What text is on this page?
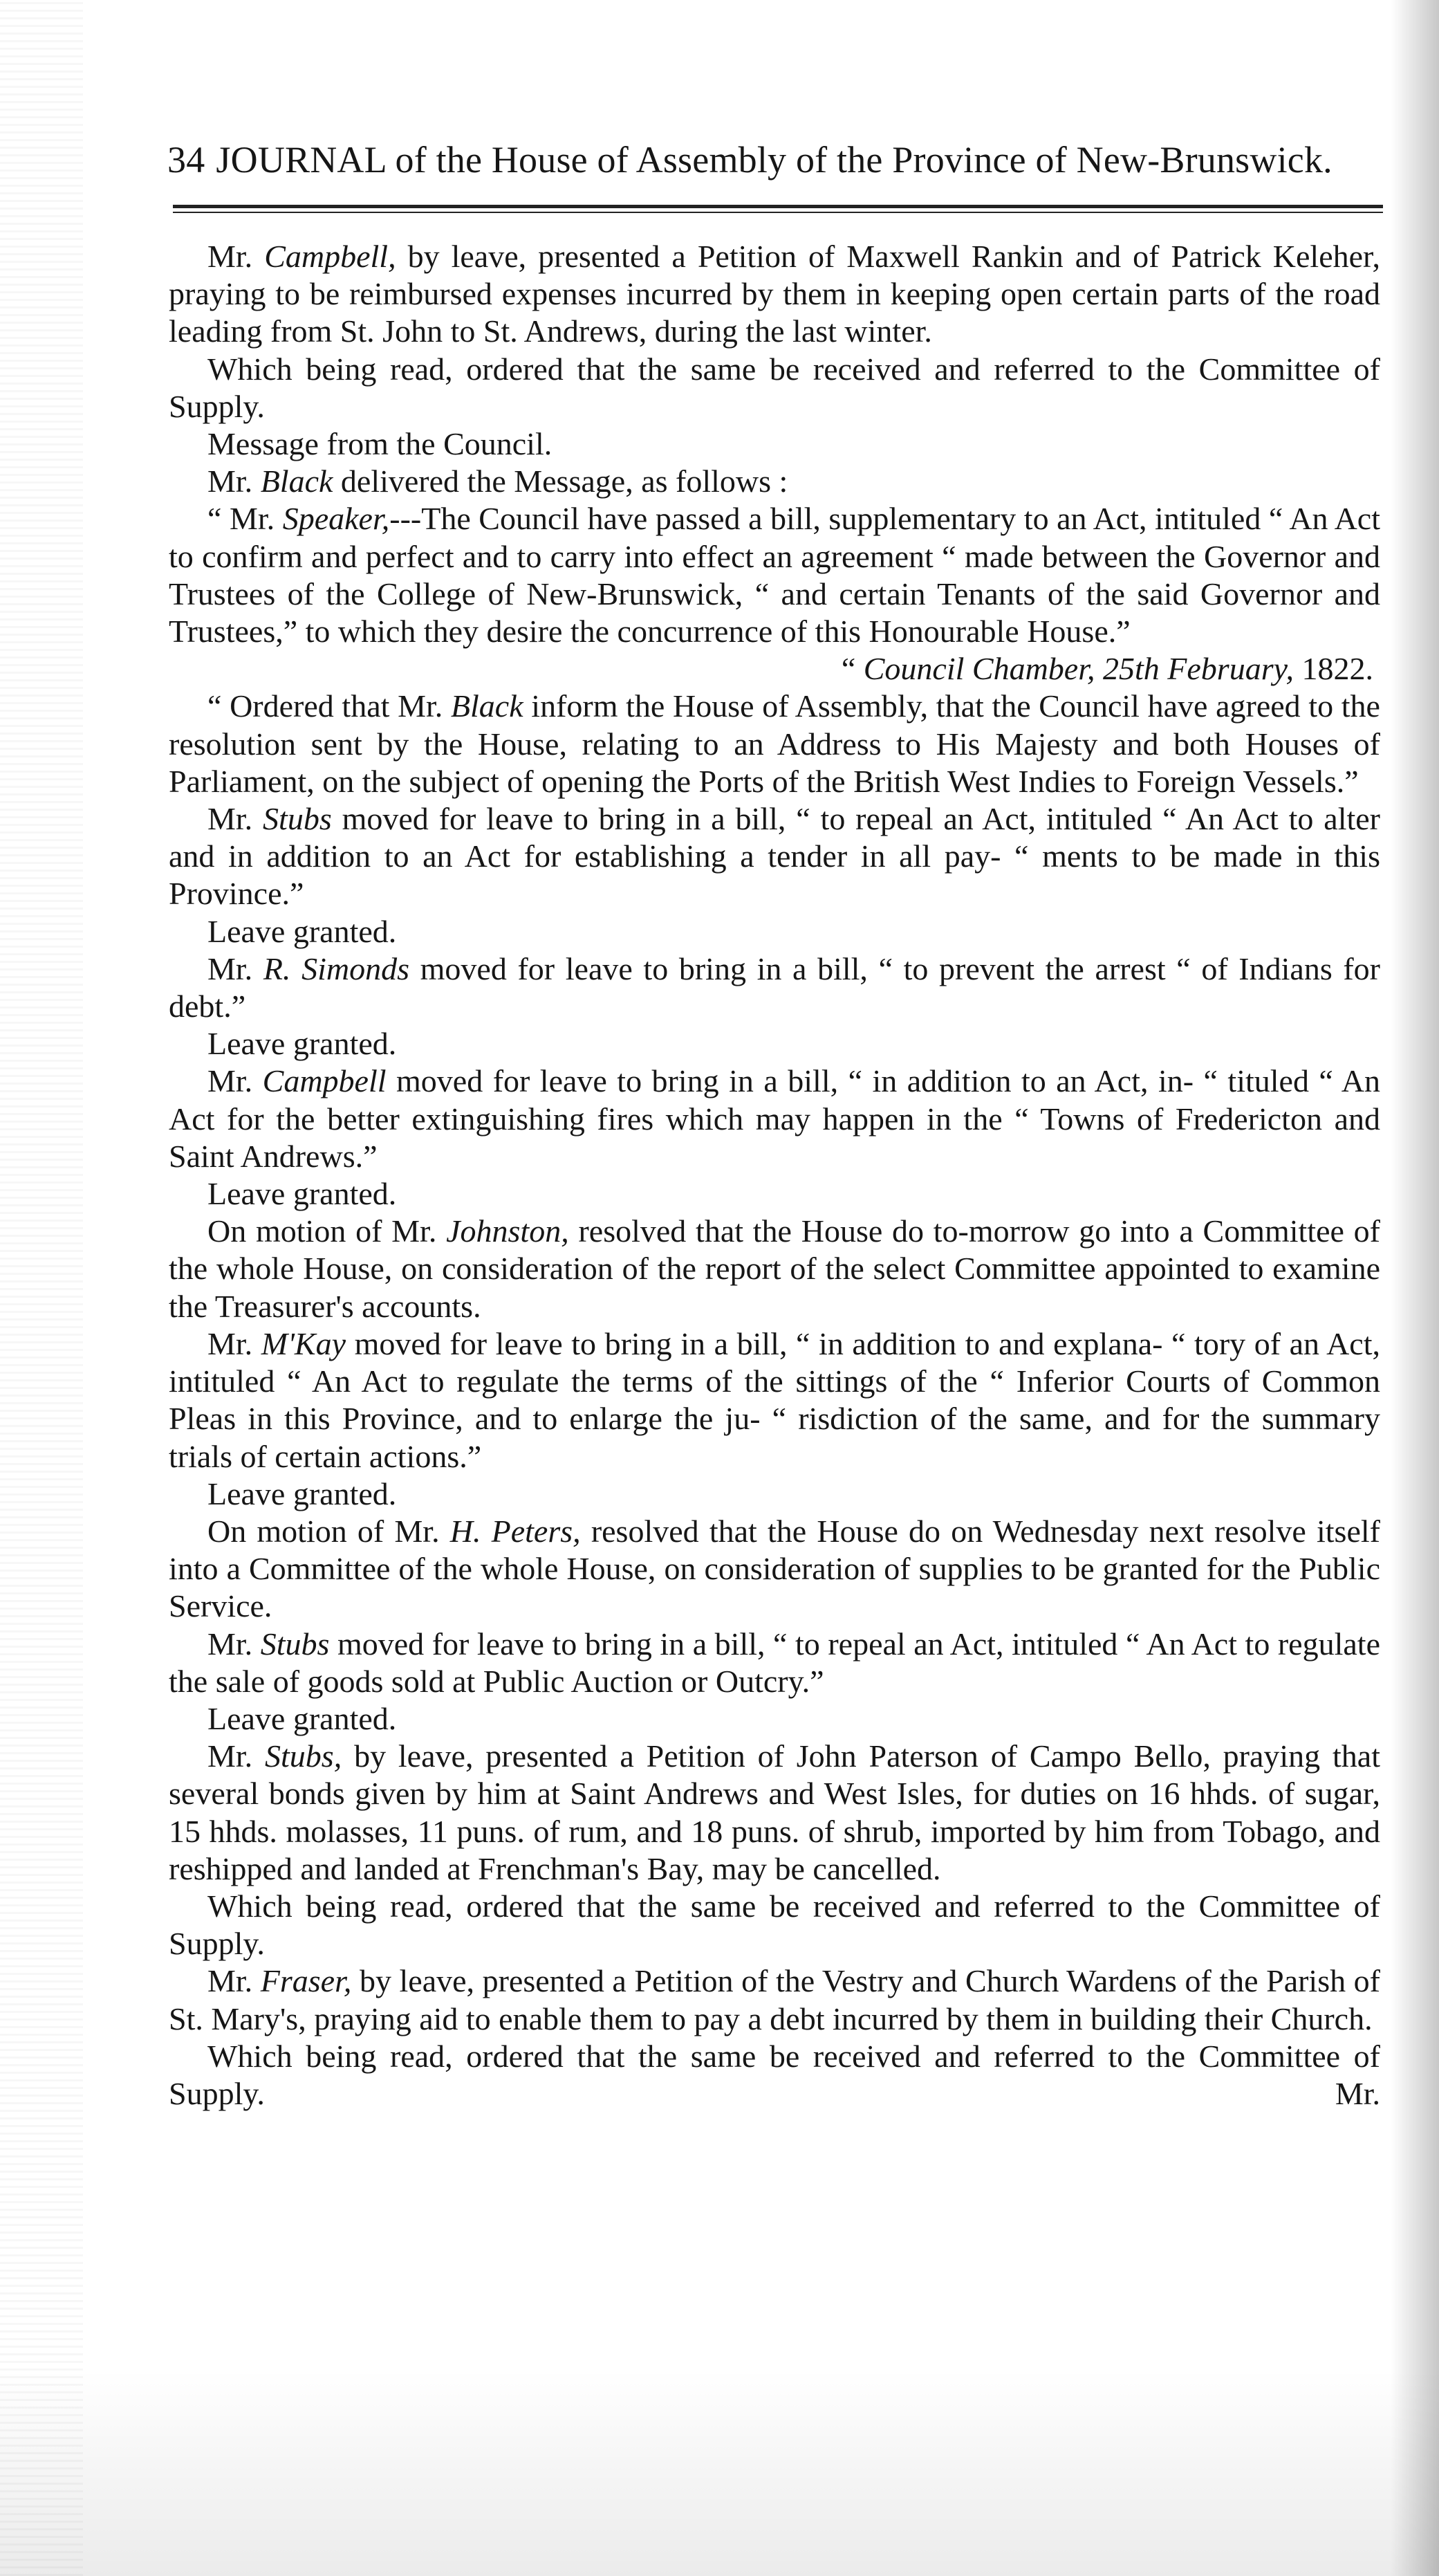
34 JOURNAL of the House of Assembly of the Province of New-Brunswick.

Mr. Campbell, by leave, presented a Petition of Maxwell Rankin and of Patrick Keleher, praying to be reimbursed expenses incurred by them in keeping open certain parts of the road leading from St. John to St. Andrews, during the last winter.

Which being read, ordered that the same be received and referred to the Committee of Supply.

Message from the Council.

Mr. Black delivered the Message, as follows :

“ Mr. Speaker,---The Council have passed a bill, supplementary to an Act, intituled “ An Act to confirm and perfect and to carry into effect an agreement “ made between the Governor and Trustees of the College of New-Brunswick, “ and certain Tenants of the said Governor and Trustees,” to which they desire the concurrence of this Honourable House.”

“ Council Chamber, 25th February, 1822.

“ Ordered that Mr. Black inform the House of Assembly, that the Council have agreed to the resolution sent by the House, relating to an Address to His Majesty and both Houses of Parliament, on the subject of opening the Ports of the British West Indies to Foreign Vessels.”

Mr. Stubs moved for leave to bring in a bill, “ to repeal an Act, intituled “ An Act to alter and in addition to an Act for establishing a tender in all pay- “ ments to be made in this Province.”

Leave granted.

Mr. R. Simonds moved for leave to bring in a bill, “ to prevent the arrest “ of Indians for debt.”

Leave granted.

Mr. Campbell moved for leave to bring in a bill, “ in addition to an Act, in- “ tituled “ An Act for the better extinguishing fires which may happen in the “ Towns of Fredericton and Saint Andrews.”

Leave granted.

On motion of Mr. Johnston, resolved that the House do to-morrow go into a Committee of the whole House, on consideration of the report of the select Committee appointed to examine the Treasurer's accounts.

Mr. M'Kay moved for leave to bring in a bill, “ in addition to and explana- “ tory of an Act, intituled “ An Act to regulate the terms of the sittings of the “ Inferior Courts of Common Pleas in this Province, and to enlarge the ju- “ risdiction of the same, and for the summary trials of certain actions.”

Leave granted.

On motion of Mr. H. Peters, resolved that the House do on Wednesday next resolve itself into a Committee of the whole House, on consideration of supplies to be granted for the Public Service.

Mr. Stubs moved for leave to bring in a bill, “ to repeal an Act, intituled “ An Act to regulate the sale of goods sold at Public Auction or Outcry.”

Leave granted.

Mr. Stubs, by leave, presented a Petition of John Paterson of Campo Bello, praying that several bonds given by him at Saint Andrews and West Isles, for duties on 16 hhds. of sugar, 15 hhds. molasses, 11 puns. of rum, and 18 puns. of shrub, imported by him from Tobago, and reshipped and landed at Frenchman's Bay, may be cancelled.

Which being read, ordered that the same be received and referred to the Committee of Supply.

Mr. Fraser, by leave, presented a Petition of the Vestry and Church Wardens of the Parish of St. Mary's, praying aid to enable them to pay a debt incurred by them in building their Church.

Which being read, ordered that the same be received and referred to the Committee of Supply.	Mr.
